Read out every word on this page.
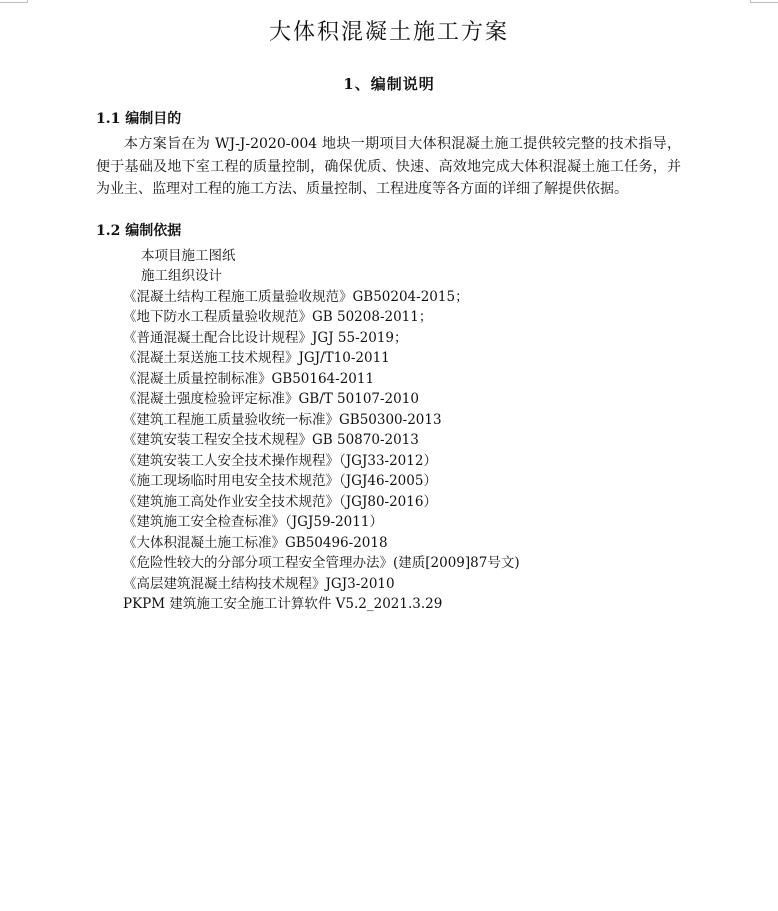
大体积混凝土施工方案
1、编制说明
1.1 编制目的
本方案旨在为 WJ-J-2020-004 地块一期项目大体积混凝土施工提供较完整的技术指导，便于基础及地下室工程的质量控制，确保优质、快速、高效地完成大体积混凝土施工任务，并为业主、监理对工程的施工方法、质量控制、工程进度等各方面的详细了解提供依据。
1.2 编制依据
本项目施工图纸
施工组织设计
《混凝土结构工程施工质量验收规范》GB50204-2015；
《地下防水工程质量验收规范》GB 50208-2011；
《普通混凝土配合比设计规程》JGJ 55-2019；
《混凝土泵送施工技术规程》JGJ/T10-2011
《混凝土质量控制标准》GB50164-2011
《混凝土强度检验评定标准》GB/T 50107-2010
《建筑工程施工质量验收统一标准》GB50300-2013
《建筑安装工程安全技术规程》GB 50870-2013
《建筑安装工人安全技术操作规程》（JGJ33-2012）
《施工现场临时用电安全技术规范》（JGJ46-2005）
《建筑施工高处作业安全技术规范》（JGJ80-2016）
《建筑施工安全检查标准》（JGJ59-2011）
《大体积混凝土施工标准》GB50496-2018
《危险性较大的分部分项工程安全管理办法》(建质[2009]87号文)
《高层建筑混凝土结构技术规程》JGJ3-2010
PKPM 建筑施工安全施工计算软件 V5.2_2021.3.29
